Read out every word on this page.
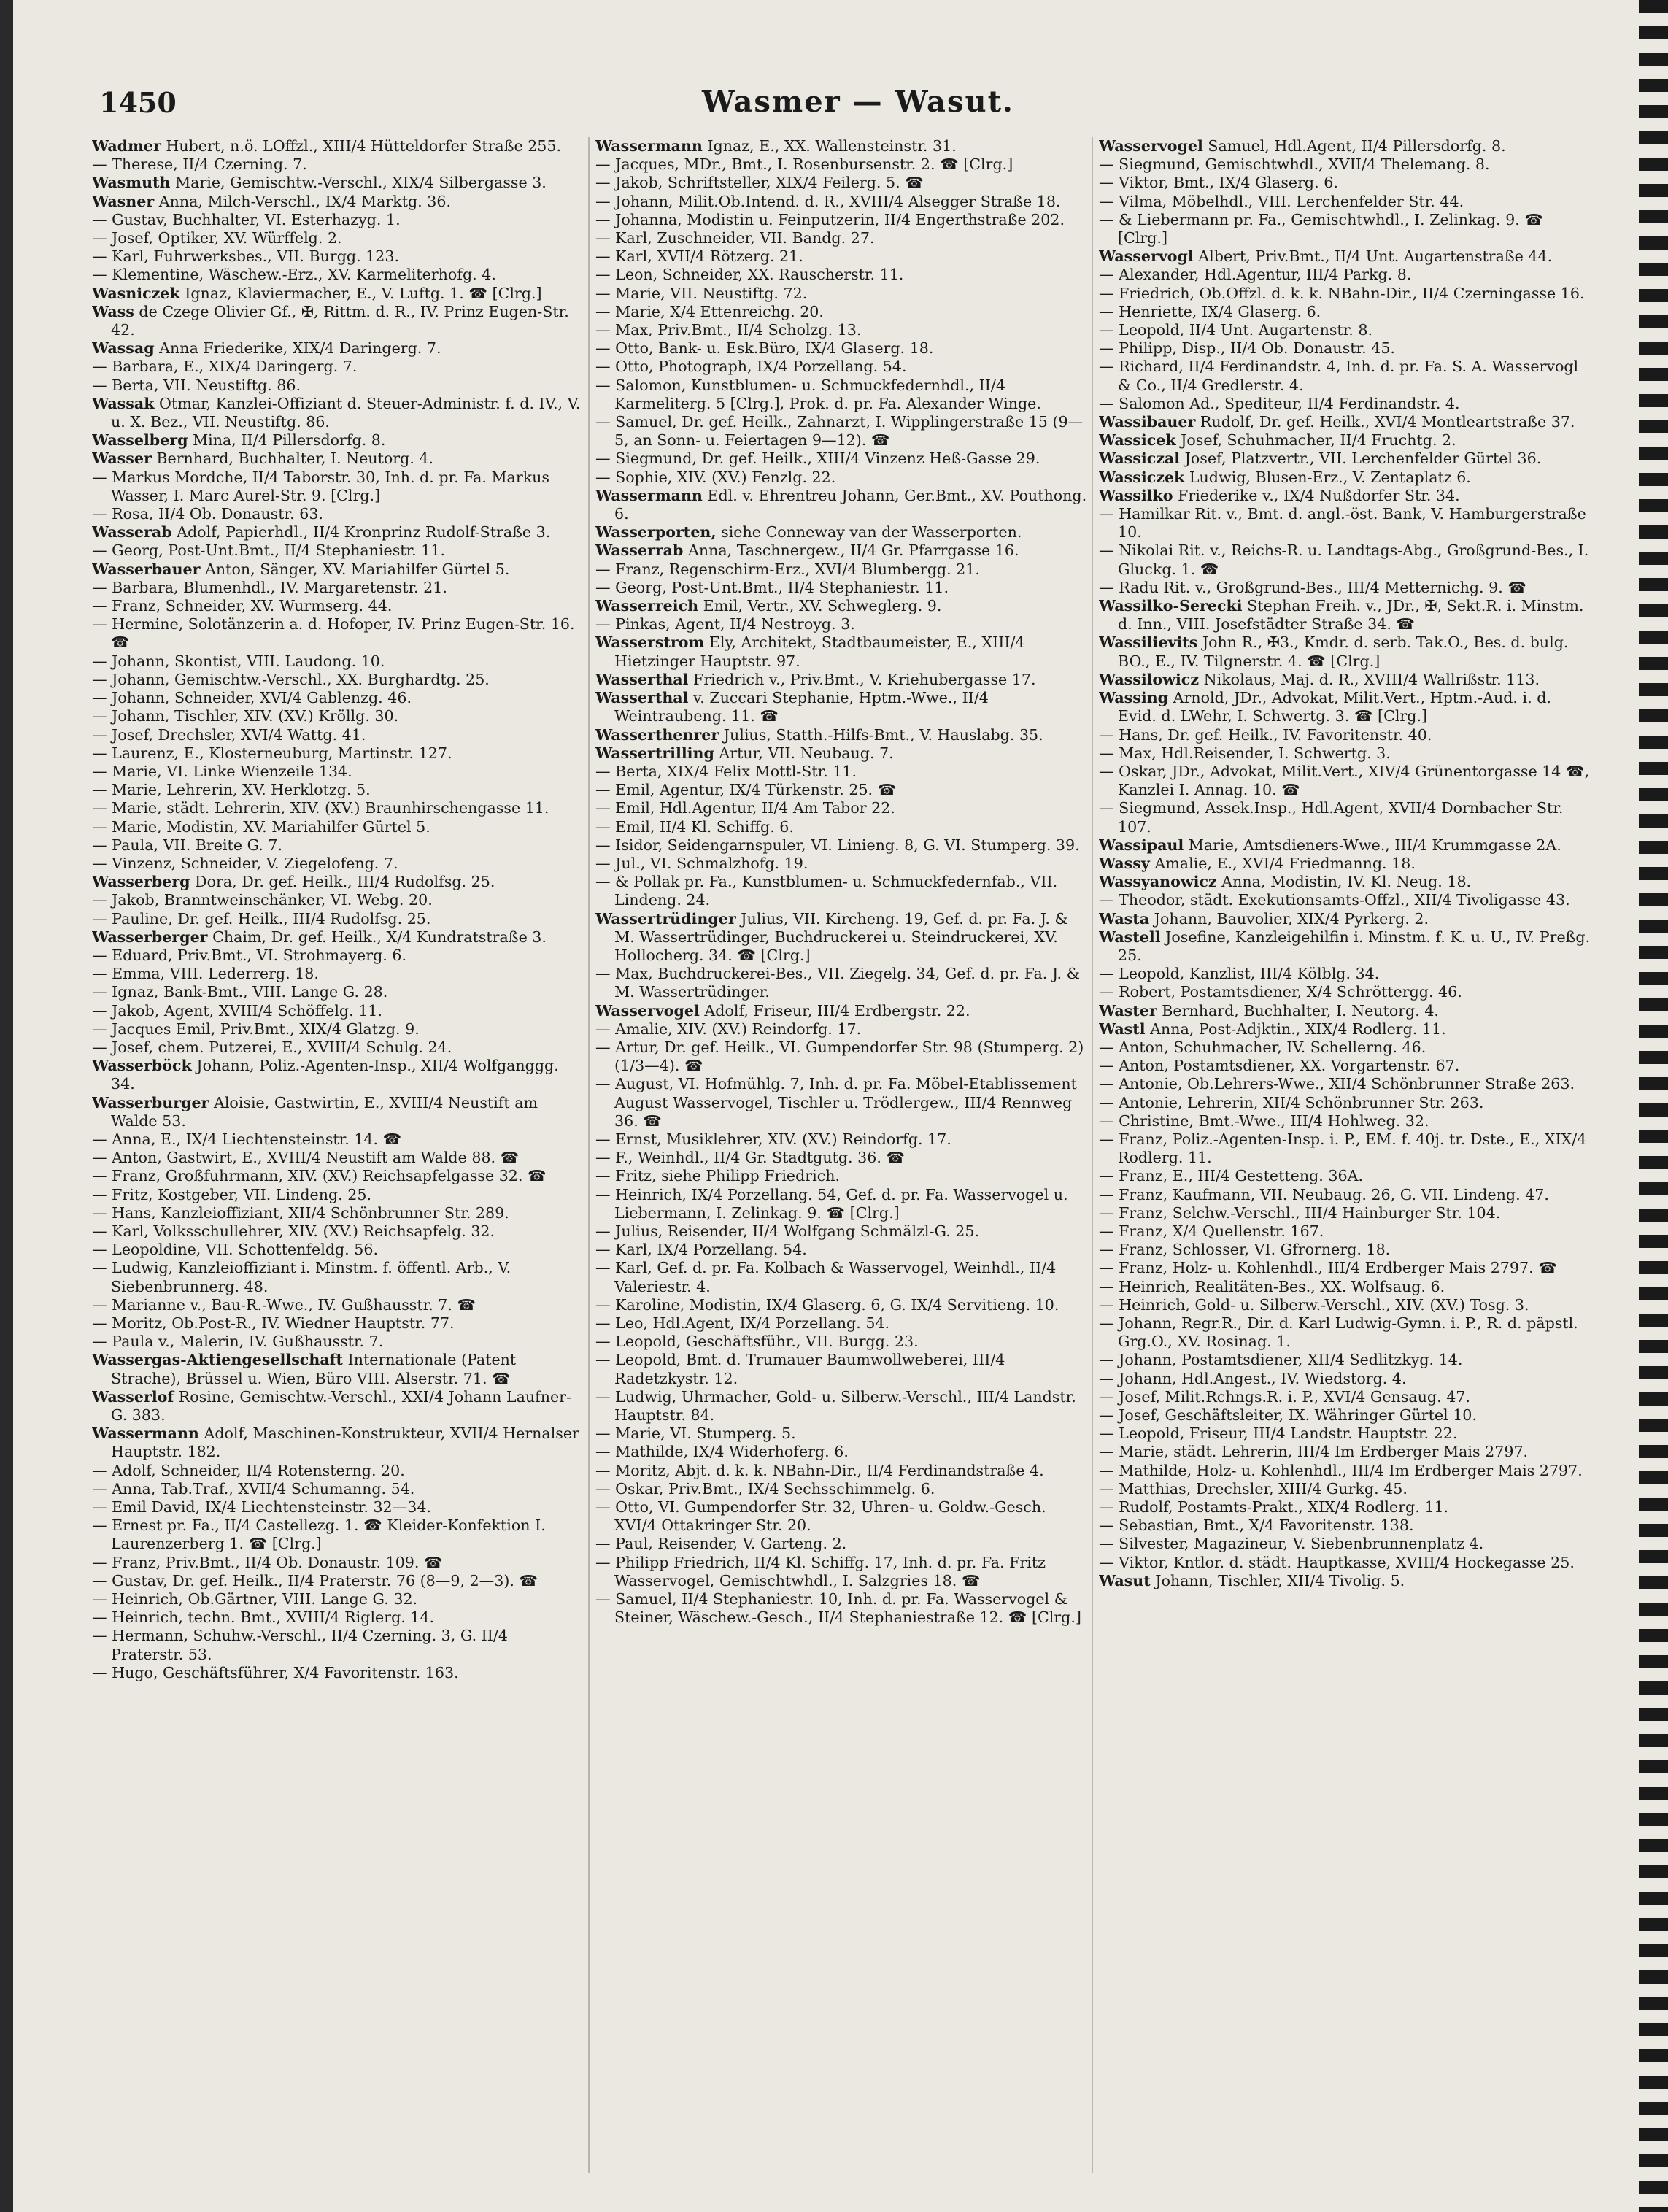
1450	Wasmer — Wasut.

Wadmer Hubert, n.ö. LOffzl., XIII/4 Hütteldorfer Straße 255.

— Therese, II/4 Czerning. 7.

Wasmuth Marie, Gemischtw.-Verschl., XIX/4 Silbergasse 3.

Wasner Anna, Milch-Verschl., IX/4 Marktg. 36.

— Gustav, Buchhalter, VI. Esterhazyg. 1.

— Josef, Optiker, XV. Würffelg. 2.

— Karl, Fuhrwerksbes., VII. Burgg. 123.

— Klementine, Wäschew.-Erz., XV. Karmeliterhofg. 4.

Wasniczek Ignaz, Klaviermacher, E., V. Luftg. 1. ☎ [Clrg.]

Wass de Czege Olivier Gf., ✠, Rittm. d. R., IV. Prinz Eugen-Str. 42.

Wassag Anna Friederike, XIX/4 Daringerg. 7.

— Barbara, E., XIX/4 Daringerg. 7.

— Berta, VII. Neustiftg. 86.

Wassak Otmar, Kanzlei-Offiziant d. Steuer-Administr. f. d. IV., V. u. X. Bez., VII. Neustiftg. 86.

Wasselberg Mina, II/4 Pillersdorfg. 8.

Wasser Bernhard, Buchhalter, I. Neutorg. 4.

— Markus Mordche, II/4 Taborstr. 30, Inh. d. pr. Fa. Markus Wasser, I. Marc Aurel-Str. 9. [Clrg.]

— Rosa, II/4 Ob. Donaustr. 63.

Wasserab Adolf, Papierhdl., II/4 Kronprinz Rudolf-Straße 3.

— Georg, Post-Unt.Bmt., II/4 Stephaniestr. 11.

Wasserbauer Anton, Sänger, XV. Mariahilfer Gürtel 5.

— Barbara, Blumenhdl., IV. Margaretenstr. 21.

— Franz, Schneider, XV. Wurmserg. 44.

— Hermine, Solotänzerin a. d. Hofoper, IV. Prinz Eugen-Str. 16. ☎

— Johann, Skontist, VIII. Laudong. 10.

— Johann, Gemischtw.-Verschl., XX. Burghardtg. 25.

— Johann, Schneider, XVI/4 Gablenzg. 46.

— Johann, Tischler, XIV. (XV.) Kröllg. 30.

— Josef, Drechsler, XVI/4 Wattg. 41.

— Laurenz, E., Klosterneuburg, Martinstr. 127.

— Marie, VI. Linke Wienzeile 134.

— Marie, Lehrerin, XV. Herklotzg. 5.

— Marie, städt. Lehrerin, XIV. (XV.) Braunhirschengasse 11.

— Marie, Modistin, XV. Mariahilfer Gürtel 5.

— Paula, VII. Breite G. 7.

— Vinzenz, Schneider, V. Ziegelofeng. 7.

Wasserberg Dora, Dr. gef. Heilk., III/4 Rudolfsg. 25.

— Jakob, Branntweinschänker, VI. Webg. 20.

— Pauline, Dr. gef. Heilk., III/4 Rudolfsg. 25.

Wasserberger Chaim, Dr. gef. Heilk., X/4 Kundratstraße 3.

— Eduard, Priv.Bmt., VI. Strohmayerg. 6.

— Emma, VIII. Lederrerg. 18.

— Ignaz, Bank-Bmt., VIII. Lange G. 28.

— Jakob, Agent, XVIII/4 Schöffelg. 11.

— Jacques Emil, Priv.Bmt., XIX/4 Glatzg. 9.

— Josef, chem. Putzerei, E., XVIII/4 Schulg. 24.

Wasserböck Johann, Poliz.-Agenten-Insp., XII/4 Wolfganggg. 34.

Wasserburger Aloisie, Gastwirtin, E., XVIII/4 Neustift am Walde 53.

— Anna, E., IX/4 Liechtensteinstr. 14. ☎

— Anton, Gastwirt, E., XVIII/4 Neustift am Walde 88. ☎

— Franz, Großfuhrmann, XIV. (XV.) Reichsapfelgasse 32. ☎

— Fritz, Kostgeber, VII. Lindeng. 25.

— Hans, Kanzleioffiziant, XII/4 Schönbrunner Str. 289.

— Karl, Volksschullehrer, XIV. (XV.) Reichsapfelg. 32.

— Leopoldine, VII. Schottenfeldg. 56.

— Ludwig, Kanzleioffiziant i. Minstm. f. öffentl. Arb., V. Siebenbrunnerg. 48.

— Marianne v., Bau-R.-Wwe., IV. Gußhausstr. 7. ☎

— Moritz, Ob.Post-R., IV. Wiedner Hauptstr. 77.

— Paula v., Malerin, IV. Gußhausstr. 7.

Wassergas-Aktiengesellschaft Internationale (Patent Strache), Brüssel u. Wien, Büro VIII. Alserstr. 71. ☎

Wasserlof Rosine, Gemischtw.-Verschl., XXI/4 Johann Laufner-G. 383.

Wassermann Adolf, Maschinen-Konstrukteur, XVII/4 Hernalser Hauptstr. 182.

— Adolf, Schneider, II/4 Rotensterng. 20.

— Anna, Tab.Traf., XVII/4 Schumanng. 54.

— Emil David, IX/4 Liechtensteinstr. 32—34.

— Ernest pr. Fa., II/4 Castellezg. 1. ☎ Kleider-Konfektion I. Laurenzerberg 1. ☎ [Clrg.]

— Franz, Priv.Bmt., II/4 Ob. Donaustr. 109. ☎

— Gustav, Dr. gef. Heilk., II/4 Praterstr. 76 (8—9, 2—3). ☎

— Heinrich, Ob.Gärtner, VIII. Lange G. 32.

— Heinrich, techn. Bmt., XVIII/4 Riglerg. 14.

— Hermann, Schuhw.-Verschl., II/4 Czerning. 3, G. II/4 Praterstr. 53.

— Hugo, Geschäftsführer, X/4 Favoritenstr. 163.

Wassermann Ignaz, E., XX. Wallensteinstr. 31.

— Jacques, MDr., Bmt., I. Rosenbursenstr. 2. ☎ [Clrg.]

— Jakob, Schriftsteller, XIX/4 Feilerg. 5. ☎

— Johann, Milit.Ob.Intend. d. R., XVIII/4 Alsegger Straße 18.

— Johanna, Modistin u. Feinputzerin, II/4 Engerthstraße 202.

— Karl, Zuschneider, VII. Bandg. 27.

— Karl, XVII/4 Rötzerg. 21.

— Leon, Schneider, XX. Rauscherstr. 11.

— Marie, VII. Neustiftg. 72.

— Marie, X/4 Ettenreichg. 20.

— Max, Priv.Bmt., II/4 Scholzg. 13.

— Otto, Bank- u. Esk.Büro, IX/4 Glaserg. 18.

— Otto, Photograph, IX/4 Porzellang. 54.

— Salomon, Kunstblumen- u. Schmuckfedernhdl., II/4 Karmeliterg. 5 [Clrg.], Prok. d. pr. Fa. Alexander Winge.

— Samuel, Dr. gef. Heilk., Zahnarzt, I. Wipplingerstraße 15 (9—5, an Sonn- u. Feiertagen 9—12). ☎

— Siegmund, Dr. gef. Heilk., XIII/4 Vinzenz Heß-Gasse 29.

— Sophie, XIV. (XV.) Fenzlg. 22.

Wassermann Edl. v. Ehrentreu Johann, Ger.Bmt., XV. Pouthong. 6.

Wasserporten, siehe Conneway van der Wasserporten.

Wasserrab Anna, Taschnergew., II/4 Gr. Pfarrgasse 16.

— Franz, Regenschirm-Erz., XVI/4 Blumbergg. 21.

— Georg, Post-Unt.Bmt., II/4 Stephaniestr. 11.

Wasserreich Emil, Vertr., XV. Schweglerg. 9.

— Pinkas, Agent, II/4 Nestroyg. 3.

Wasserstrom Ely, Architekt, Stadtbaumeister, E., XIII/4 Hietzinger Hauptstr. 97.

Wasserthal Friedrich v., Priv.Bmt., V. Kriehubergasse 17.

Wasserthal v. Zuccari Stephanie, Hptm.-Wwe., II/4 Weintraubeng. 11. ☎

Wasserthenrer Julius, Statth.-Hilfs-Bmt., V. Hauslabg. 35.

Wassertrilling Artur, VII. Neubaug. 7.

— Berta, XIX/4 Felix Mottl-Str. 11.

— Emil, Agentur, IX/4 Türkenstr. 25. ☎

— Emil, Hdl.Agentur, II/4 Am Tabor 22.

— Emil, II/4 Kl. Schiffg. 6.

— Isidor, Seidengarnspuler, VI. Linieng. 8, G. VI. Stumperg. 39.

— Jul., VI. Schmalzhofg. 19.

— & Pollak pr. Fa., Kunstblumen- u. Schmuckfedernfab., VII. Lindeng. 24.

Wassertrüdinger Julius, VII. Kircheng. 19, Gef. d. pr. Fa. J. & M. Wassertrüdinger, Buchdruckerei u. Steindruckerei, XV. Hollocherg. 34. ☎ [Clrg.]

— Max, Buchdruckerei-Bes., VII. Ziegelg. 34, Gef. d. pr. Fa. J. & M. Wassertrüdinger.

Wasservogel Adolf, Friseur, III/4 Erdbergstr. 22.

— Amalie, XIV. (XV.) Reindorfg. 17.

— Artur, Dr. gef. Heilk., VI. Gumpendorfer Str. 98 (Stumperg. 2) (1/3—4). ☎

— August, VI. Hofmühlg. 7, Inh. d. pr. Fa. Möbel-Etablissement August Wasservogel, Tischler u. Trödlergew., III/4 Rennweg 36. ☎

— Ernst, Musiklehrer, XIV. (XV.) Reindorfg. 17.

— F., Weinhdl., II/4 Gr. Stadtgutg. 36. ☎

— Fritz, siehe Philipp Friedrich.

— Heinrich, IX/4 Porzellang. 54, Gef. d. pr. Fa. Wasservogel u. Liebermann, I. Zelinkag. 9. ☎ [Clrg.]

— Julius, Reisender, II/4 Wolfgang Schmälzl-G. 25.

— Karl, IX/4 Porzellang. 54.

— Karl, Gef. d. pr. Fa. Kolbach & Wasservogel, Weinhdl., II/4 Valeriestr. 4.

— Karoline, Modistin, IX/4 Glaserg. 6, G. IX/4 Servitieng. 10.

— Leo, Hdl.Agent, IX/4 Porzellang. 54.

— Leopold, Geschäftsführ., VII. Burgg. 23.

— Leopold, Bmt. d. Trumauer Baumwollweberei, III/4 Radetzkystr. 12.

— Ludwig, Uhrmacher, Gold- u. Silberw.-Verschl., III/4 Landstr. Hauptstr. 84.

— Marie, VI. Stumperg. 5.

— Mathilde, IX/4 Widerhoferg. 6.

— Moritz, Abjt. d. k. k. NBahn-Dir., II/4 Ferdinandstraße 4.

— Oskar, Priv.Bmt., IX/4 Sechsschimmelg. 6.

— Otto, VI. Gumpendorfer Str. 32, Uhren- u. Goldw.-Gesch. XVI/4 Ottakringer Str. 20.

— Paul, Reisender, V. Garteng. 2.

— Philipp Friedrich, II/4 Kl. Schiffg. 17, Inh. d. pr. Fa. Fritz Wasservogel, Gemischtwhdl., I. Salzgries 18. ☎

— Samuel, II/4 Stephaniestr. 10, Inh. d. pr. Fa. Wasservogel & Steiner, Wäschew.-Gesch., II/4 Stephaniestraße 12. ☎ [Clrg.]

Wasservogel Samuel, Hdl.Agent, II/4 Pillersdorfg. 8.

— Siegmund, Gemischtwhdl., XVII/4 Thelemang. 8.

— Viktor, Bmt., IX/4 Glaserg. 6.

— Vilma, Möbelhdl., VIII. Lerchenfelder Str. 44.

— & Liebermann pr. Fa., Gemischtwhdl., I. Zelinkag. 9. ☎ [Clrg.]

Wasservogl Albert, Priv.Bmt., II/4 Unt. Augartenstraße 44.

— Alexander, Hdl.Agentur, III/4 Parkg. 8.

— Friedrich, Ob.Offzl. d. k. k. NBahn-Dir., II/4 Czerningasse 16.

— Henriette, IX/4 Glaserg. 6.

— Leopold, II/4 Unt. Augartenstr. 8.

— Philipp, Disp., II/4 Ob. Donaustr. 45.

— Richard, II/4 Ferdinandstr. 4, Inh. d. pr. Fa. S. A. Wasservogl & Co., II/4 Gredlerstr. 4.

— Salomon Ad., Spediteur, II/4 Ferdinandstr. 4.

Wassibauer Rudolf, Dr. gef. Heilk., XVI/4 Montleartstraße 37.

Wassicek Josef, Schuhmacher, II/4 Fruchtg. 2.

Wassiczal Josef, Platzvertr., VII. Lerchenfelder Gürtel 36.

Wassiczek Ludwig, Blusen-Erz., V. Zentaplatz 6.

Wassilko Friederike v., IX/4 Nußdorfer Str. 34.

— Hamilkar Rit. v., Bmt. d. angl.-öst. Bank, V. Hamburgerstraße 10.

— Nikolai Rit. v., Reichs-R. u. Landtags-Abg., Großgrund-Bes., I. Gluckg. 1. ☎

— Radu Rit. v., Großgrund-Bes., III/4 Metternichg. 9. ☎

Wassilko-Serecki Stephan Freih. v., JDr., ✠, Sekt.R. i. Minstm. d. Inn., VIII. Josefstädter Straße 34. ☎

Wassilievits John R., ✠3., Kmdr. d. serb. Tak.O., Bes. d. bulg. BO., E., IV. Tilgnerstr. 4. ☎ [Clrg.]

Wassilowicz Nikolaus, Maj. d. R., XVIII/4 Wallrißstr. 113.

Wassing Arnold, JDr., Advokat, Milit.Vert., Hptm.-Aud. i. d. Evid. d. LWehr, I. Schwertg. 3. ☎ [Clrg.]

— Hans, Dr. gef. Heilk., IV. Favoritenstr. 40.

— Max, Hdl.Reisender, I. Schwertg. 3.

— Oskar, JDr., Advokat, Milit.Vert., XIV/4 Grünentorgasse 14 ☎, Kanzlei I. Annag. 10. ☎

— Siegmund, Assek.Insp., Hdl.Agent, XVII/4 Dornbacher Str. 107.

Wassipaul Marie, Amtsdieners-Wwe., III/4 Krummgasse 2A.

Wassy Amalie, E., XVI/4 Friedmanng. 18.

Wassyanowicz Anna, Modistin, IV. Kl. Neug. 18.

— Theodor, städt. Exekutionsamts-Offzl., XII/4 Tivoligasse 43.

Wasta Johann, Bauvolier, XIX/4 Pyrkerg. 2.

Wastell Josefine, Kanzleigehilfin i. Minstm. f. K. u. U., IV. Preßg. 25.

— Leopold, Kanzlist, III/4 Kölblg. 34.

— Robert, Postamtsdiener, X/4 Schröttergg. 46.

Waster Bernhard, Buchhalter, I. Neutorg. 4.

Wastl Anna, Post-Adjktin., XIX/4 Rodlerg. 11.

— Anton, Schuhmacher, IV. Schellerng. 46.

— Anton, Postamtsdiener, XX. Vorgartenstr. 67.

— Antonie, Ob.Lehrers-Wwe., XII/4 Schönbrunner Straße 263.

— Antonie, Lehrerin, XII/4 Schönbrunner Str. 263.

— Christine, Bmt.-Wwe., III/4 Hohlweg. 32.

— Franz, Poliz.-Agenten-Insp. i. P., EM. f. 40j. tr. Dste., E., XIX/4 Rodlerg. 11.

— Franz, E., III/4 Gestetteng. 36A.

— Franz, Kaufmann, VII. Neubaug. 26, G. VII. Lindeng. 47.

— Franz, Selchw.-Verschl., III/4 Hainburger Str. 104.

— Franz, X/4 Quellenstr. 167.

— Franz, Schlosser, VI. Gfrornerg. 18.

— Franz, Holz- u. Kohlenhdl., III/4 Erdberger Mais 2797. ☎

— Heinrich, Realitäten-Bes., XX. Wolfsaug. 6.

— Heinrich, Gold- u. Silberw.-Verschl., XIV. (XV.) Tosg. 3.

— Johann, Regr.R., Dir. d. Karl Ludwig-Gymn. i. P., R. d. päpstl. Grg.O., XV. Rosinag. 1.

— Johann, Postamtsdiener, XII/4 Sedlitzkyg. 14.

— Johann, Hdl.Angest., IV. Wiedstorg. 4.

— Josef, Milit.Rchngs.R. i. P., XVI/4 Gensaug. 47.

— Josef, Geschäftsleiter, IX. Währinger Gürtel 10.

— Leopold, Friseur, III/4 Landstr. Hauptstr. 22.

— Marie, städt. Lehrerin, III/4 Im Erdberger Mais 2797.

— Mathilde, Holz- u. Kohlenhdl., III/4 Im Erdberger Mais 2797.

— Matthias, Drechsler, XIII/4 Gurkg. 45.

— Rudolf, Postamts-Prakt., XIX/4 Rodlerg. 11.

— Sebastian, Bmt., X/4 Favoritenstr. 138.

— Silvester, Magazineur, V. Siebenbrunnenplatz 4.

— Viktor, Kntlor. d. städt. Hauptkasse, XVIII/4 Hockegasse 25.

Wasut Johann, Tischler, XII/4 Tivolig. 5.
